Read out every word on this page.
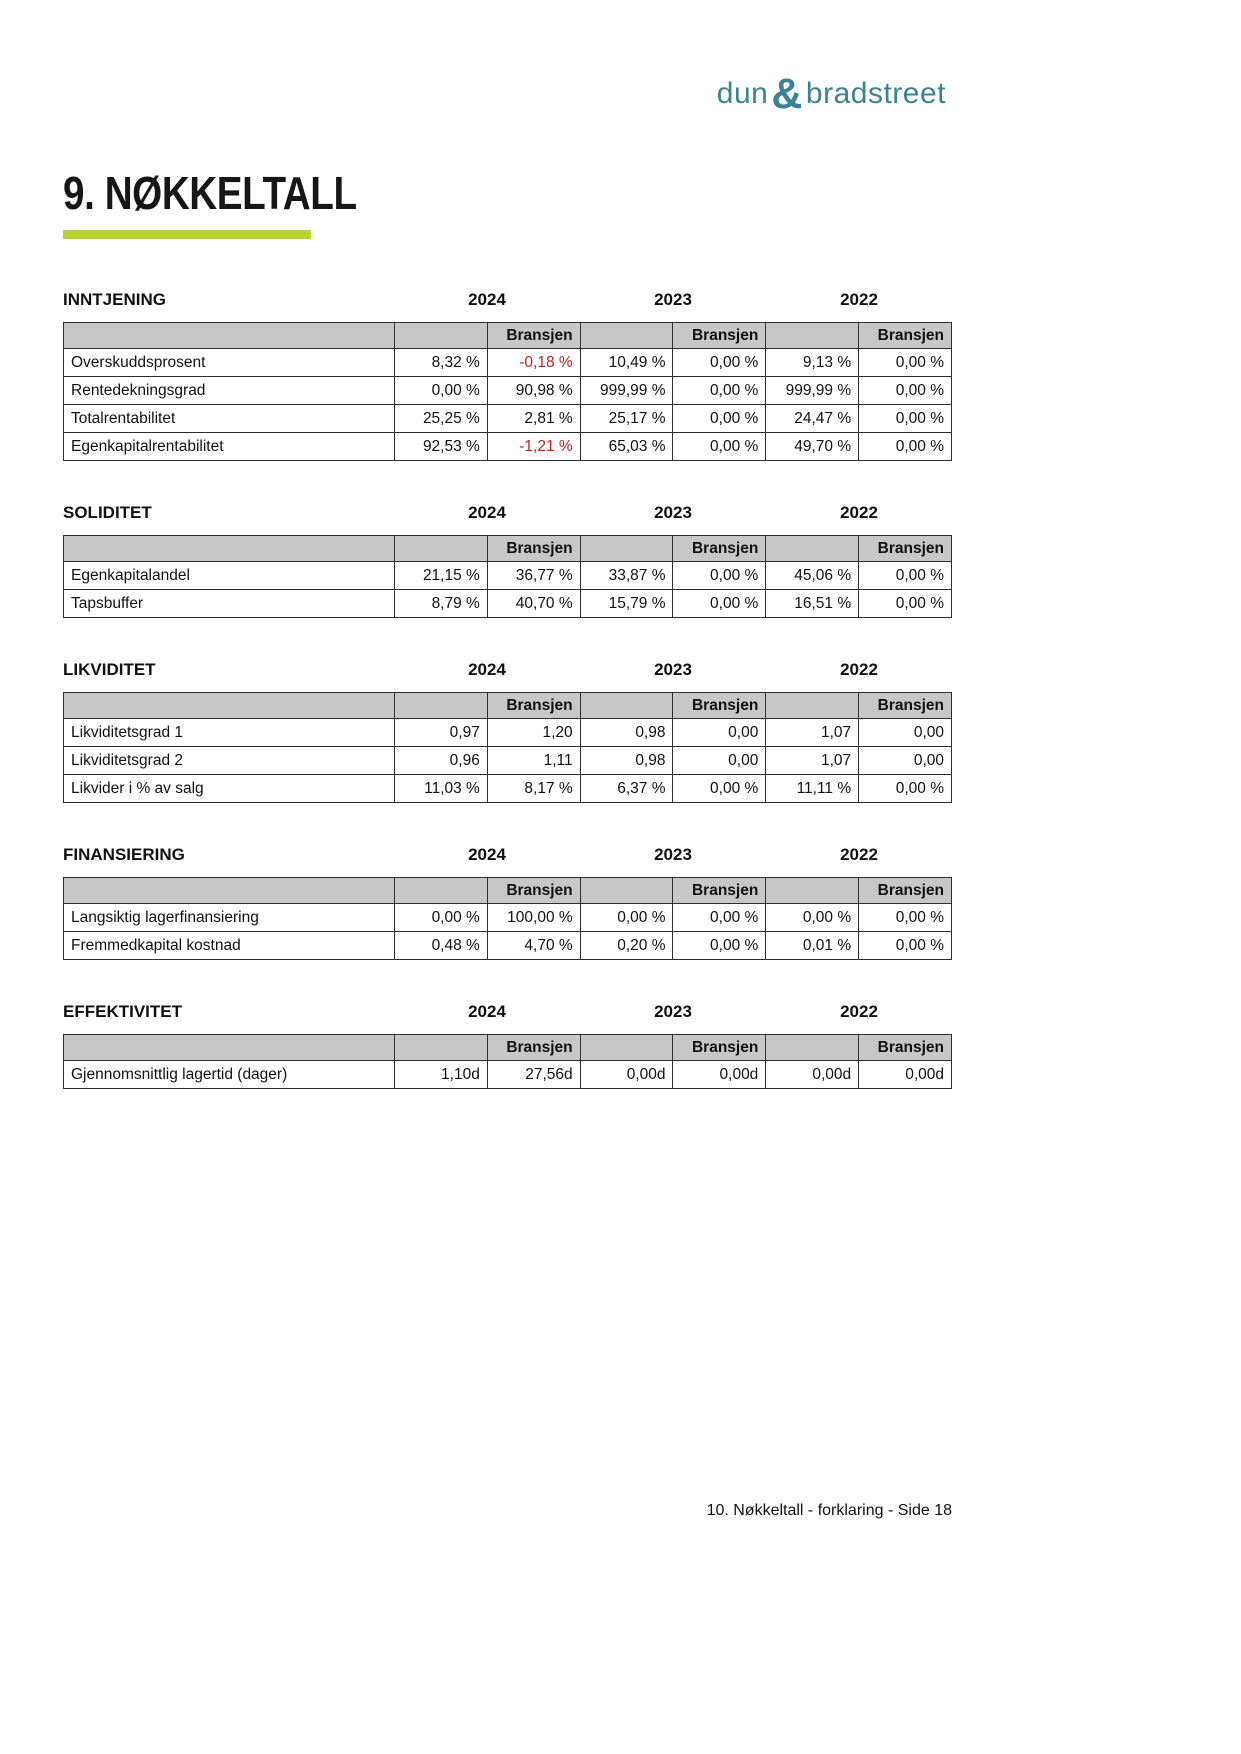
dun& bradstreet
9. NØKKELTALL
INNTJENING	2024	2023	2022
		Bransjen		Bransjen		Bransjen
Overskuddsprosent	8,32 %	-0,18 %	10,49 %	0,00 %	9,13 %	0,00 %
Rentedekningsgrad	0,00 %	90,98 %	999,99 %	0,00 %	999,99 %	0,00 %
Totalrentabilitet	25,25 %	2,81 %	25,17 %	0,00 %	24,47 %	0,00 %
Egenkapitalrentabilitet	92,53 %	-1,21 %	65,03 %	0,00 %	49,70 %	0,00 %
SOLIDITET	2024	2023	2022
		Bransjen		Bransjen		Bransjen
Egenkapitalandel	21,15 %	36,77 %	33,87 %	0,00 %	45,06 %	0,00 %
Tapsbuffer	8,79 %	40,70 %	15,79 %	0,00 %	16,51 %	0,00 %
LIKVIDITET	2024	2023	2022
		Bransjen		Bransjen		Bransjen
Likviditetsgrad 1	0,97	1,20	0,98	0,00	1,07	0,00
Likviditetsgrad 2	0,96	1,11	0,98	0,00	1,07	0,00
Likvider i % av salg	11,03 %	8,17 %	6,37 %	0,00 %	11,11 %	0,00 %
FINANSIERING	2024	2023	2022
		Bransjen		Bransjen		Bransjen
Langsiktig lagerfinansiering	0,00 %	100,00 %	0,00 %	0,00 %	0,00 %	0,00 %
Fremmedkapital kostnad	0,48 %	4,70 %	0,20 %	0,00 %	0,01 %	0,00 %
EFFEKTIVITET	2024	2023	2022
		Bransjen		Bransjen		Bransjen
Gjennomsnittlig lagertid (dager)	1,10d	27,56d	0,00d	0,00d	0,00d	0,00d
10. Nøkkeltall - forklaring - Side 18
